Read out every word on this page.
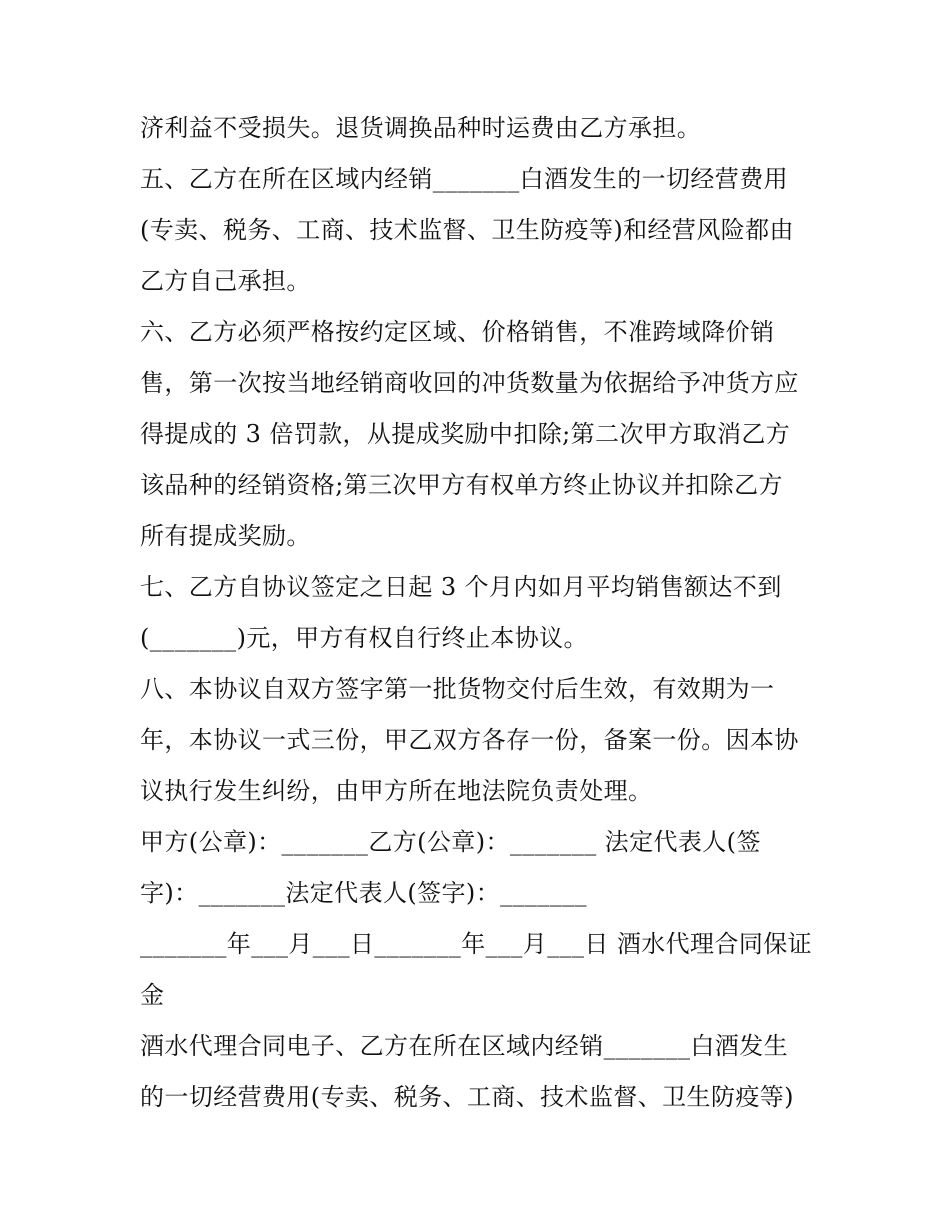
济利益不受损失。退货调换品种时运费由乙方承担。
五、乙方在所在区域内经销_______白酒发生的一切经营费用
(专卖、税务、工商、技术监督、卫生防疫等)和经营风险都由
乙方自己承担。
六、乙方必须严格按约定区域、价格销售，不准跨域降价销
售，第一次按当地经销商收回的冲货数量为依据给予冲货方应
得提成的 3 倍罚款，从提成奖励中扣除;第二次甲方取消乙方
该品种的经销资格;第三次甲方有权单方终止协议并扣除乙方
所有提成奖励。
七、乙方自协议签定之日起 3 个月内如月平均销售额达不到
(_______)元，甲方有权自行终止本协议。
八、本协议自双方签字第一批货物交付后生效，有效期为一
年，本协议一式三份，甲乙双方各存一份，备案一份。因本协
议执行发生纠纷，由甲方所在地法院负责处理。
甲方(公章)：_______乙方(公章)：_______ 法定代表人(签
字)：_______法定代表人(签字)：_______
_______年___月___日_______年___月___日 酒水代理合同保证
金
酒水代理合同电子、乙方在所在区域内经销_______白酒发生
的一切经营费用(专卖、税务、工商、技术监督、卫生防疫等)
